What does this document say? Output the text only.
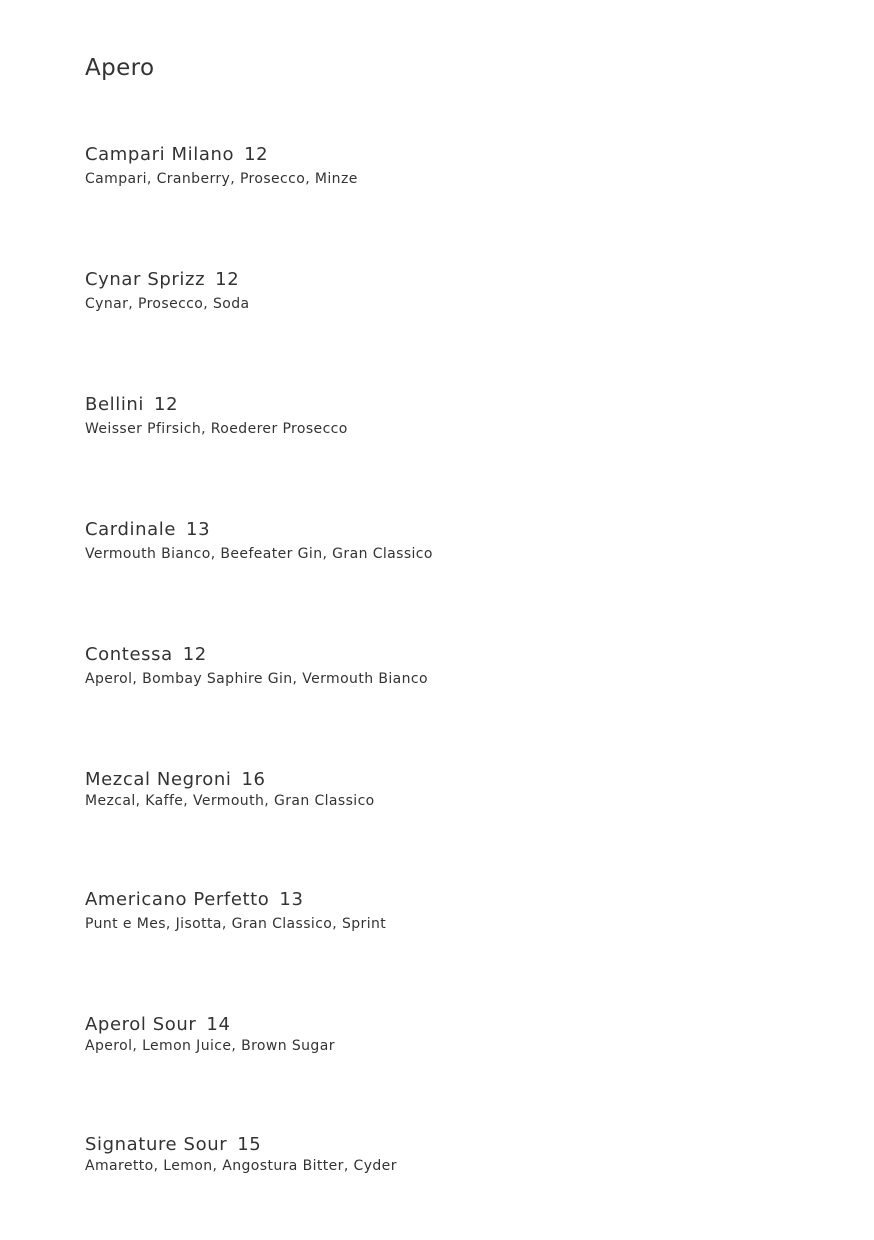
Apero
Campari Milano 12
Campari, Cranberry, Prosecco, Minze
Cynar Sprizz 12
Cynar, Prosecco, Soda
Bellini 12
Weisser Pfirsich, Roederer Prosecco
Cardinale 13
Vermouth Bianco, Beefeater Gin, Gran Classico
Contessa 12
Aperol, Bombay Saphire Gin, Vermouth Bianco
Mezcal Negroni 16
Mezcal, Kaffe, Vermouth, Gran Classico
Americano Perfetto 13
Punt e Mes, Jisotta, Gran Classico, Sprint
Aperol Sour 14
Aperol, Lemon Juice, Brown Sugar
Signature Sour 15
Amaretto, Lemon, Angostura Bitter, Cyder
